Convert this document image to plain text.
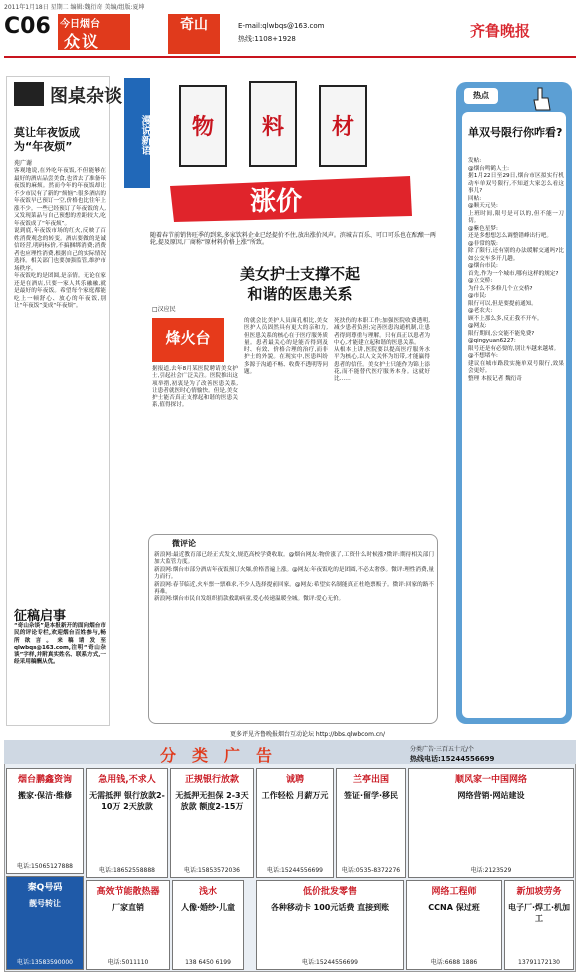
2011年1月18日 星期二 编辑:魏衍奇 美编/组版:夏坤
C06 今日烟台
众议
奇山	E-mail:qlwbqs@163.com
热线:1108+1928	齐鲁晚报
图桌杂谈
莫让年夜饭成为“年夜烦”
苑广谢
客观地说,在外吃年夜饭,不但能够在最好的酒店品尝美食,也省去了准备年夜饭的麻烦。然而今年的年夜饭却让不少市民有了新的“烦恼”:很多酒店的年夜饭早已预订一空,价格也比往年上涨不少。一些已经预订了年夜饭的人,又发现菜品与自己预想的差距较大,吃年夜饭成了“年夜烦”。
说到底,年夜饭市场的红火,反映了百姓消费观念的转变。酒店要做的是诚信经营,明码标价,不搞捆绑消费;消费者也应理性消费,根据自己的实际情况选择。相关部门也要加强监管,维护市场秩序。
年夜饭吃的是团圆,是亲情。无论在家还是在酒店,只要一家人其乐融融,就是最好的年夜饭。希望每个家庭都能吃上一顿舒心、放心的年夜饭,别让“年夜饭”变成“年夜烦”。
征稿启事
“奇山杂谈”是本报新开的面向烟台市民的评论专栏,欢迎烟台百姓参与,畅所欲言。来稿请发至qlwbqs@163.com,注明“奇山杂谈”字样,并附真实姓名、联系方式,一经采用稿酬从优。
漫说新语 物 料 材
涨价
随着春节前销售旺季的到来,多家饮料企业已经提价不住,放出涨价风声。滨城吉百乐、可口可乐也在酝酿一两轮,提及原因,厂商称“原材料价格上涨”所致。
美女护士支撑不起
和谐的医患关系
□汉应民
烽火台
据报道,去年8月某医院聘请美女护士,引起社会广泛关注。医院推出这项举措,初衷是为了改善医患关系,让患者就医时心情愉快。但是,美女护士能否真正支撑起和谐的医患关系,值得探讨。
的就会比美护人员面孔相比,美女医护人员固然具有更大的亲和力,但医患关系的核心在于医疗服务质量。患者最关心的是能否得到及时、有效、价格合理的治疗,而非护士的外貌。在现实中,医患纠纷多源于沟通不畅、收费不透明等问题。
死扶伤的本职工作;加强医院收费透明,减少患者负担;完善医患沟通机制,让患者得到尊重与理解。只有真正以患者为中心,才能建立起和谐的医患关系。
从根本上讲,医院要以提高医疗服务水平为核心,以人文关怀为纽带,才能赢得患者的信任。美女护士只能作为锦上添花,而不能替代医疗服务本身。这就好比……
微评论
新浪网:最近教育部已经正式发文,规范高校学费收取。@烟台网友:物价涨了,工资什么时候涨?微评:期待相关部门加大监管力度。
新浪网:烟台市部分酒店年夜饭预订火爆,价格普遍上涨。@网友:年夜饭吃的是团圆,不必太奢侈。微评:理性消费,量力而行。
新浪网:春节临近,火车票一票难求,不少人选择提前回家。@网友:希望实名制能真正杜绝票贩子。微评:回家的路不再难。
新浪网:烟台市民自发组织捐款救助病童,爱心传递温暖全城。微评:爱心无价。
更多评见齐鲁晚报烟台互动论坛 http://bbs.qlwbcom.cn/
热点
单双号限行你咋看?
发帖:
@烟台鸣鹤人士:
据1月22日至29日,烟台市区拟实行机动车单双号限行,不知道大家怎么看这事儿?
回帖:
@顺天元昊:
上班时间,限号是可以的,但不能一刀切。
@紫色星梦:
还是多想想怎么调整错峰出行吧。
@非常的版:
除了限行,还有别的办法缓解交通吗?比如公交车多开几趟。
@烟台市民:
首先,作为一个城市,哪有这样的规定?
@立交桥:
为什么不多修几个立交桥?
@市民:
限行可以,但是要提前通知。
@老农夫:
顾不上那么多,反正我不开车。
@网友:
限行期间,公交能不能免费?
@qingyuan6227:
限号还是有必要的,别让车越来越堵。
@不想堵车:
建议在城市路段实施单双号限行,效果会更好。
整理 本报记者 魏衍奇
分类广告	分类广告·三百五十元/个
热线电话:15244556699
烟台鹏鑫资询
搬家·保洁·维修
电话:15065127888
急用钱,不求人
无需抵押 银行放款2-10万 2天放款
电话:18652558888
正规银行放款
无抵押无担保 2-3天放款 额度2-15万
电话:15853572036
诚聘
工作轻松 月薪万元
电话:15244556699
兰亭出国
签证·留学·移民
电话:0535-8372276
顺风家一中国网络
网络营销·网站建设
电话:2123529
秦Q号码
靓号转让
电话:13583590000
高效节能散热器
厂家直销
电话:5011110
浅水
人像·婚纱·儿童
138 6450 6199
低价批发零售
各种移动卡 100元话费 直接到账
电话:15244556699
网络工程师
CCNA 保过班
电话:6688 1886
新加坡劳务
电子厂·焊工·机加工
13791172130
